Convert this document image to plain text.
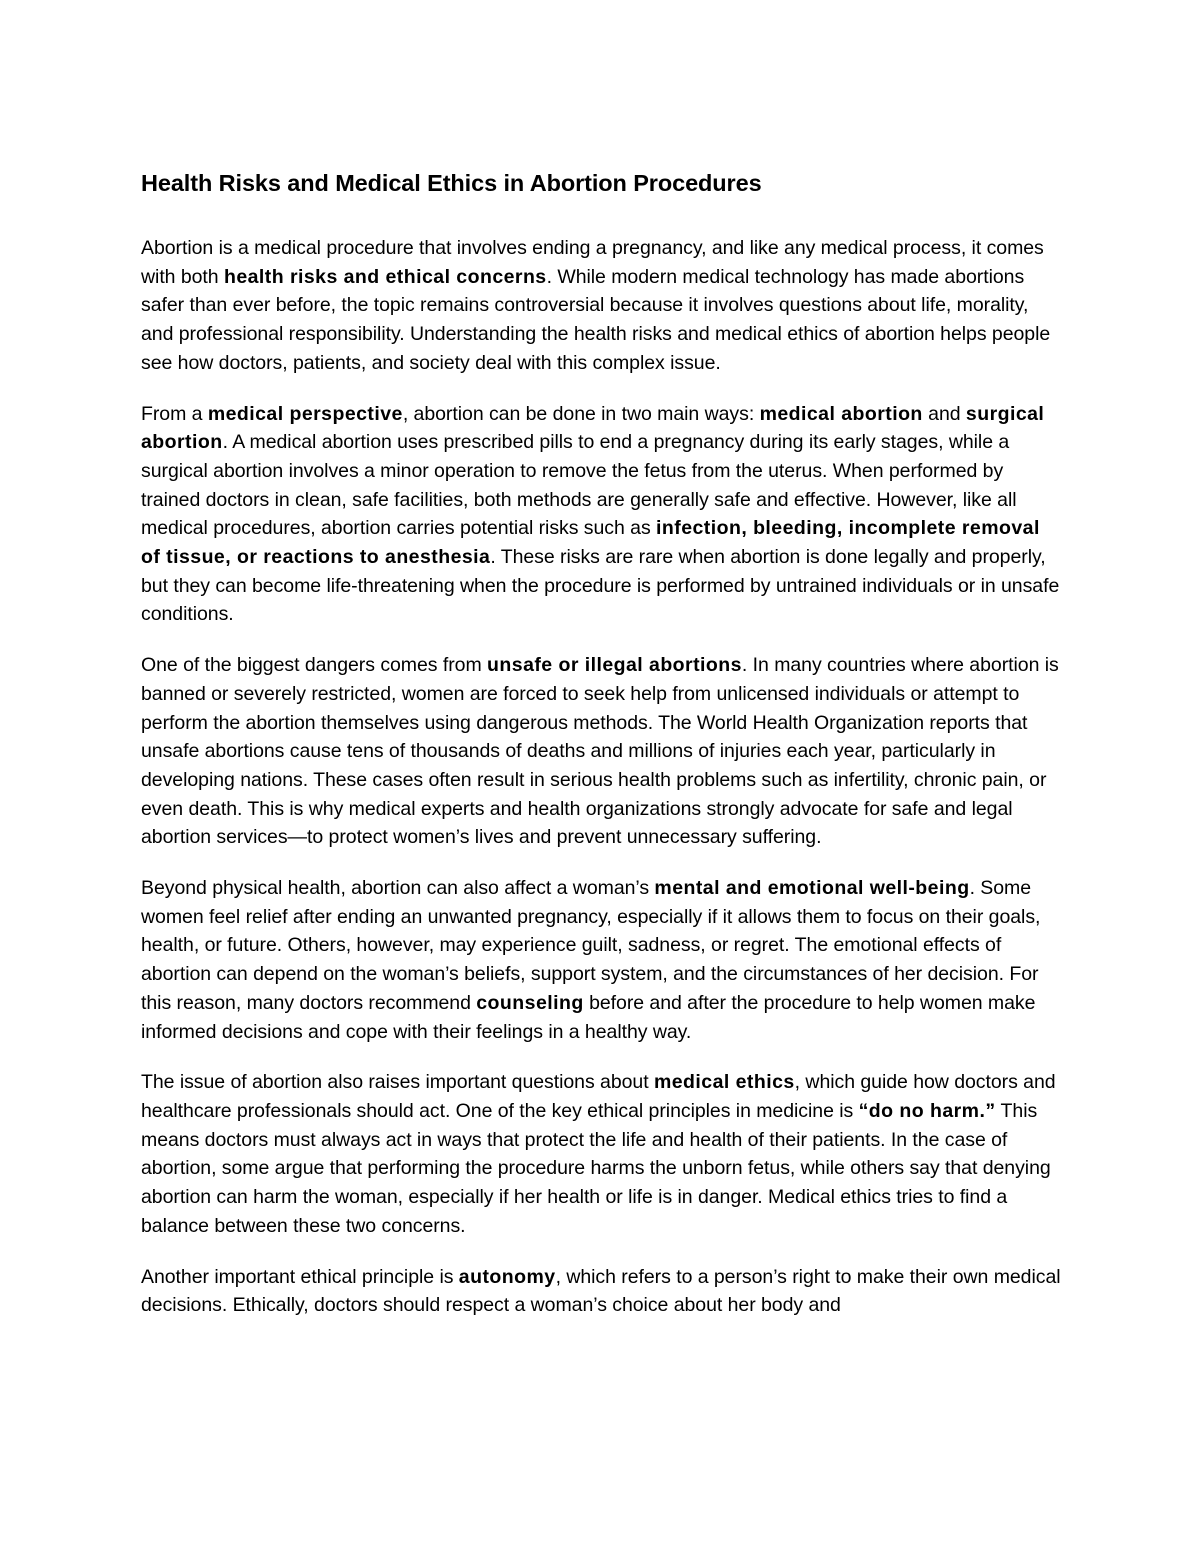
Health Risks and Medical Ethics in Abortion Procedures

Abortion is a medical procedure that involves ending a pregnancy, and like any medical process, it comes with both health risks and ethical concerns. While modern medical technology has made abortions safer than ever before, the topic remains controversial because it involves questions about life, morality, and professional responsibility. Understanding the health risks and medical ethics of abortion helps people see how doctors, patients, and society deal with this complex issue.

From a medical perspective, abortion can be done in two main ways: medical abortion and surgical abortion. A medical abortion uses prescribed pills to end a pregnancy during its early stages, while a surgical abortion involves a minor operation to remove the fetus from the uterus. When performed by trained doctors in clean, safe facilities, both methods are generally safe and effective. However, like all medical procedures, abortion carries potential risks such as infection, bleeding, incomplete removal of tissue, or reactions to anesthesia. These risks are rare when abortion is done legally and properly, but they can become life-threatening when the procedure is performed by untrained individuals or in unsafe conditions.

One of the biggest dangers comes from unsafe or illegal abortions. In many countries where abortion is banned or severely restricted, women are forced to seek help from unlicensed individuals or attempt to perform the abortion themselves using dangerous methods. The World Health Organization reports that unsafe abortions cause tens of thousands of deaths and millions of injuries each year, particularly in developing nations. These cases often result in serious health problems such as infertility, chronic pain, or even death. This is why medical experts and health organizations strongly advocate for safe and legal abortion services—to protect women’s lives and prevent unnecessary suffering.

Beyond physical health, abortion can also affect a woman’s mental and emotional well-being. Some women feel relief after ending an unwanted pregnancy, especially if it allows them to focus on their goals, health, or future. Others, however, may experience guilt, sadness, or regret. The emotional effects of abortion can depend on the woman’s beliefs, support system, and the circumstances of her decision. For this reason, many doctors recommend counseling before and after the procedure to help women make informed decisions and cope with their feelings in a healthy way.

The issue of abortion also raises important questions about medical ethics, which guide how doctors and healthcare professionals should act. One of the key ethical principles in medicine is “do no harm.” This means doctors must always act in ways that protect the life and health of their patients. In the case of abortion, some argue that performing the procedure harms the unborn fetus, while others say that denying abortion can harm the woman, especially if her health or life is in danger. Medical ethics tries to find a balance between these two concerns.

Another important ethical principle is autonomy, which refers to a person’s right to make their own medical decisions. Ethically, doctors should respect a woman’s choice about her body and
